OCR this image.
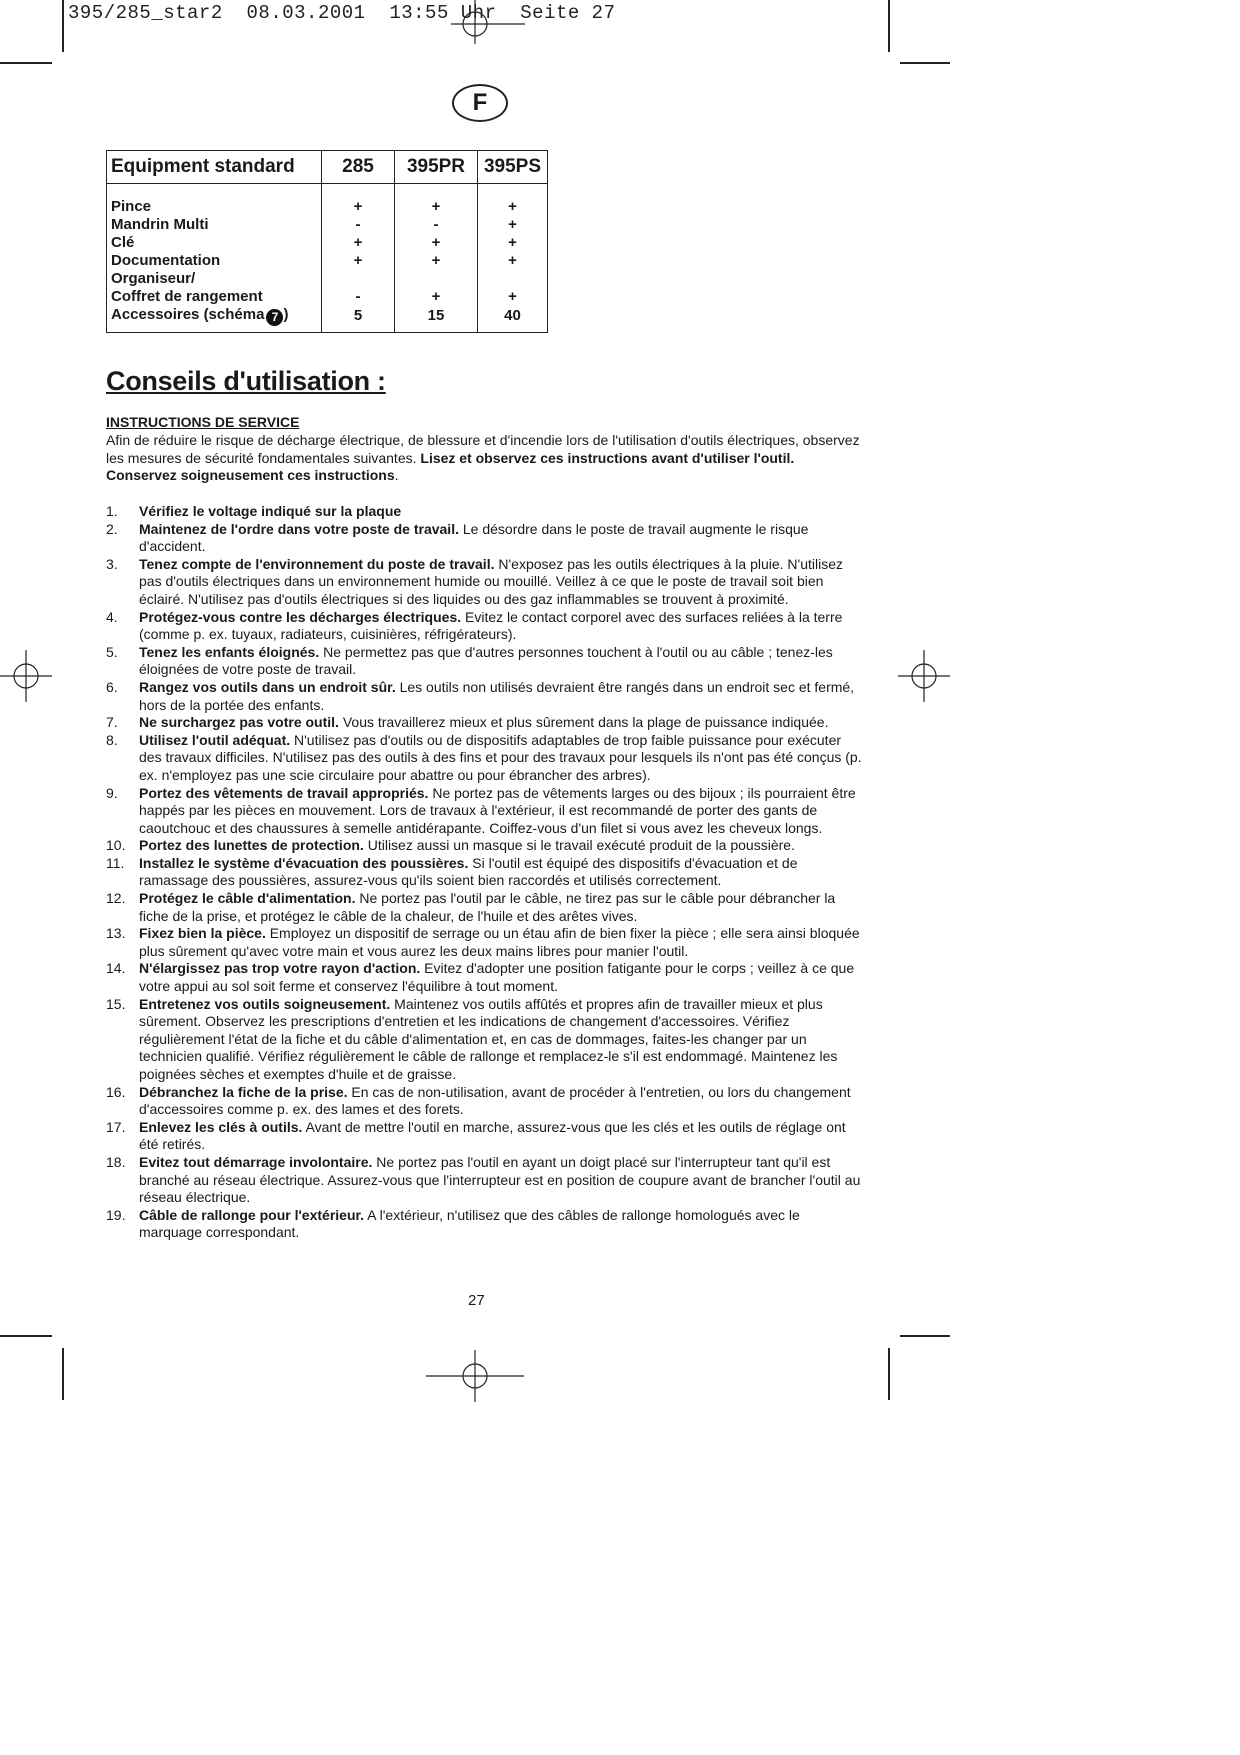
395/285_star2  08.03.2001  13:55 Uhr  Seite 27
F
Equipment standard	285	395PR	395PS

Pince	+	+	+
Mandrin Multi	-	-	+
Clé	+	+	+
Documentation	+	+	+
Organiseur/			
Coffret de rangement	-	+	+
Accessoires (schéma 7 )	5	15	40
Conseils d'utilisation :
INSTRUCTIONS DE SERVICE
Afin de réduire le risque de décharge électrique, de blessure et d'incendie lors de l'utilisation d'outils électriques, observez les mesures de sécurité fondamentales suivantes. Lisez et observez ces instructions avant d'utiliser l'outil. Conservez soigneusement ces instructions.
1. Vérifiez le voltage indiqué sur la plaque
2. Maintenez de l'ordre dans votre poste de travail. Le désordre dans le poste de travail augmente le risque d'accident.
3. Tenez compte de l'environnement du poste de travail. N'exposez pas les outils électriques à la pluie. N'utilisez pas d'outils électriques dans un environnement humide ou mouillé. Veillez à ce que le poste de travail soit bien éclairé. N'utilisez pas d'outils électriques si des liquides ou des gaz inflammables se trouvent à proximité.
4. Protégez-vous contre les décharges électriques. Evitez le contact corporel avec des surfaces reliées à la terre (comme p. ex. tuyaux, radiateurs, cuisinières, réfrigérateurs).
5. Tenez les enfants éloignés. Ne permettez pas que d'autres personnes touchent à l'outil ou au câble ; tenez-les éloignées de votre poste de travail.
6. Rangez vos outils dans un endroit sûr. Les outils non utilisés devraient être rangés dans un endroit sec et fermé, hors de la portée des enfants.
7. Ne surchargez pas votre outil. Vous travaillerez mieux et plus sûrement dans la plage de puissance indiquée.
8. Utilisez l'outil adéquat. N'utilisez pas d'outils ou de dispositifs adaptables de trop faible puissance pour exécuter des travaux difficiles. N'utilisez pas des outils à des fins et pour des travaux pour lesquels ils n'ont pas été conçus (p. ex. n'employez pas une scie circulaire pour abattre ou pour ébrancher des arbres).
9. Portez des vêtements de travail appropriés. Ne portez pas de vêtements larges ou des bijoux ; ils pourraient être happés par les pièces en mouvement. Lors de travaux à l'extérieur, il est recommandé de porter des gants de caoutchouc et des chaussures à semelle antidérapante. Coiffez-vous d'un filet si vous avez les cheveux longs.
10. Portez des lunettes de protection. Utilisez aussi un masque si le travail exécuté produit de la poussière.
11. Installez le système d'évacuation des poussières. Si l'outil est équipé des dispositifs d'évacuation et de ramassage des poussières, assurez-vous qu'ils soient bien raccordés et utilisés correctement.
12. Protégez le câble d'alimentation. Ne portez pas l'outil par le câble, ne tirez pas sur le câble pour débrancher la fiche de la prise, et protégez le câble de la chaleur, de l'huile et des arêtes vives.
13. Fixez bien la pièce. Employez un dispositif de serrage ou un étau afin de bien fixer la pièce ; elle sera ainsi bloquée plus sûrement qu'avec votre main et vous aurez les deux mains libres pour manier l'outil.
14. N'élargissez pas trop votre rayon d'action. Evitez d'adopter une position fatigante pour le corps ; veillez à ce que votre appui au sol soit ferme et conservez l'équilibre à tout moment.
15. Entretenez vos outils soigneusement. Maintenez vos outils affûtés et propres afin de travailler mieux et plus sûrement. Observez les prescriptions d'entretien et les indications de changement d'accessoires. Vérifiez régulièrement l'état de la fiche et du câble d'alimentation et, en cas de dommages, faites-les changer par un technicien qualifié. Vérifiez régulièrement le câble de rallonge et remplacez-le s'il est endommagé. Maintenez les poignées sèches et exemptes d'huile et de graisse.
16. Débranchez la fiche de la prise. En cas de non-utilisation, avant de procéder à l'entretien, ou lors du changement d'accessoires comme p. ex. des lames et des forets.
17. Enlevez les clés à outils. Avant de mettre l'outil en marche, assurez-vous que les clés et les outils de réglage ont été retirés.
18. Evitez tout démarrage involontaire. Ne portez pas l'outil en ayant un doigt placé sur l'interrupteur tant qu'il est branché au réseau électrique. Assurez-vous que l'interrupteur est en position de coupure avant de brancher l'outil au réseau électrique.
19. Câble de rallonge pour l'extérieur. A l'extérieur, n'utilisez que des câbles de rallonge homologués avec le marquage correspondant.
27
